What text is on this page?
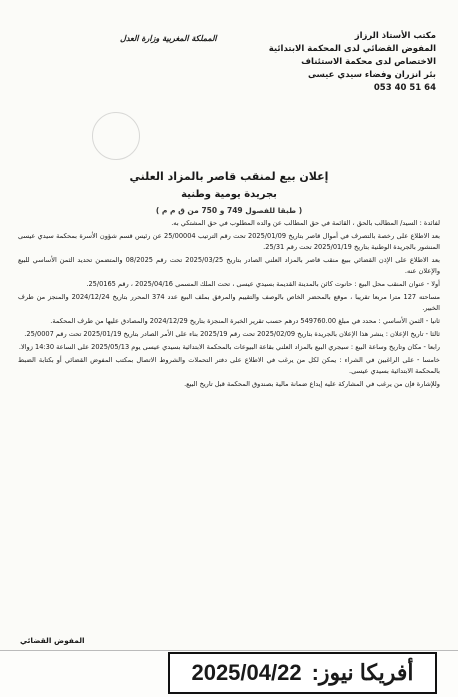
المملكة المغربية وزارة العدل	مكتب الأستاذ الرزاز
المفوض القضائي لدى المحكمة الابتدائية
الاختصاص لدى محكمة الاستئناف
بئر انزران وفضاء سيدي عيسى
053 40 51 64
إعلان بيع لمنقب قاصر بالمزاد العلني
بجريدة يومية وطنية
( طبقا للفصول 749 و 750 من ق م م )

لفائدة : السيد/ المطالب بالحق ، القائمة في حق المطالب عن والده المطلوب في حق المشتكي به.

بعد الاطلاع على رخصة بالتصرف في أموال قاصر بتاريخ 2025/01/09 تحت رقم الترتيب 25/00004 عن رئيس قسم شؤون الأسرة بمحكمة سيدي عيسى المنشور بالجريدة الوطنية بتاريخ 2025/01/19 تحت رقم 25/31.

بعد الاطلاع على الإذن القضائي ببيع منقب قاصر بالمزاد العلني الصادر بتاريخ 2025/03/25 تحت رقم 08/2025 والمتضمن تحديد الثمن الأساسي للبيع والإعلان عنه.

أولا - عنوان المنقب محل البيع : حانوت كائن بالمدينة القديمة بسيدي عيسى ، تحت الملك المسمى 2025/04/16 ، رقم 25/0165.

مساحته 127 مترا مربعا تقريبا ، موقع بالمحضر الخاص بالوصف والتقييم والمرفق بملف البيع عدد 374 المحرر بتاريخ 2024/12/24 والمنجز من طرف الخبير.

ثانيا - الثمن الأساسي : محدد في مبلغ 549760.00 درهم حسب تقرير الخبرة المنجزة بتاريخ 2024/12/29 والمصادق عليها من طرف المحكمة.

ثالثا - تاريخ الإعلان : ينشر هذا الإعلان بالجريدة بتاريخ 2025/02/09 تحت رقم 2025/19 بناء على الأمر الصادر بتاريخ 2025/01/19 تحت رقم 25/0007.

رابعا - مكان وتاريخ وساعة البيع : سيجري البيع بالمزاد العلني بقاعة البيوعات بالمحكمة الابتدائية بسيدي عيسى يوم 2025/05/13 على الساعة 14:30 زوالا.

خامسا - على الراغبين في الشراء : يمكن لكل من يرغب في الاطلاع على دفتر التحملات والشروط الاتصال بمكتب المفوض القضائي أو بكتابة الضبط بالمحكمة الابتدائية بسيدي عيسى.

وللإشارة فإن من يرغب في المشاركة عليه إيداع ضمانة مالية بصندوق المحكمة قبل تاريخ البيع.

المفوض القضائي
2025/04/22 أفريكا نيوز:
